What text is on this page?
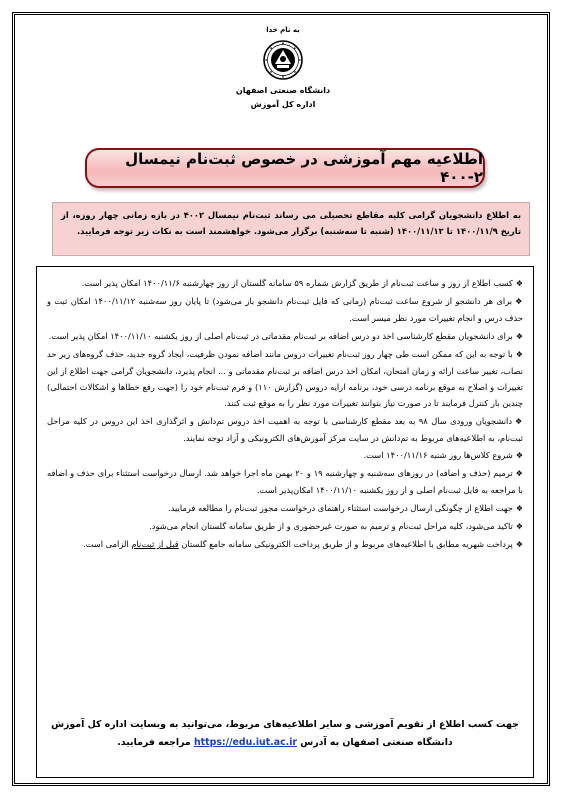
به نام خدا
دانشگاه صنعتی اصفهان
اداره کل آموزش
اطلاعیه مهم آموزشی در خصوص ثبت‌نام نیمسال ۲-۴۰۰
به اطلاع دانشجویان گرامی کلیه مقاطع تحصیلی می رساند ثبت‌نام نیمسال ۴۰۰۲ در بازه زمانی چهار روزه، از تاریخ ۱۴۰۰/۱۱/۹ تا ۱۴۰۰/۱۱/۱۲ (شنبه تا سه‌شنبه) برگزار می‌شود. خواهشمند است به نکات زیر توجه فرمایید.

❖کسب اطلاع از روز و ساعت ثبت‌نام از طریق گزارش شماره ۵۹ سامانه گلستان از روز چهارشنبه ۱۴۰۰/۱۱/۶ امکان پذیر است.

❖برای هر دانشجو از شروع ساعت ثبت‌نام (زمانی که فایل ثبت‌نام دانشجو باز می‌شود) تا پایان روز سه‌شنبه ۱۴۰۰/۱۱/۱۲ امکان ثبت و حذف درس و انجام تغییرات مورد نظر میسر است.

❖برای دانشجویان مقطع کارشناسی اخذ دو درس اضافه بر ثبت‌نام مقدماتی در ثبت‌نام اصلی از روز یکشنبه ۱۴۰۰/۱۱/۱۰ امکان پذیر است.

❖با توجه به این که ممکن است طی چهار روز ثبت‌نام تغییرات دروس مانند اضافه نمودن ظرفیت، ایجاد گروه جدید، حذف گروه‌های زیر حد نصاب، تغییر ساعت ارائه و زمان امتحان، امکان اخذ درس اضافه بر ثبت‌نام مقدماتی و ... انجام پذیرد، دانشجویان گرامی جهت اطلاع از این تغییرات و اصلاح به موقع برنامه درسی خود، برنامه ارایه دروس (گزارش ۱۱۰) و فرم ثبت‌نام خود را (جهت رفع خطاها و اشکالات احتمالی) چندین بار کنترل فرمایند تا در صورت نیاز بتوانند تغییرات مورد نظر را به موقع ثبت کنند.

❖دانشجویان ورودی سال ۹۸ به بعد مقطع کارشناسی با توجه به اهمیت اخذ دروس تم‌دانش و اثرگذاری اخذ این دروس در کلیه مراحل ثبت‌نام، به اطلاعیه‌های مربوط به تم‌دانش در سایت مرکز آموزش‌های الکترونیکی و آزاد توجه نمایند.

❖شروع کلاس‌ها روز شنبه ۱۴۰۰/۱۱/۱۶ است.

❖ترمیم (حذف و اضافه) در روزهای سه‌شنبه و چهارشنبه ۱۹ و ۲۰ بهمن ماه اجرا خواهد شد. ارسال درخواست استثناء برای حذف و اضافه با مراجعه به فایل ثبت‌نام اصلی و از روز یکشنبه ۱۴۰۰/۱۱/۱۰ امکان‌پذیر است.

❖جهت اطلاع از چگونگی ارسال درخواست استثناء راهنمای درخواست مجوز ثبت‌نام را مطالعه فرمایید.

❖تاکید می‌شود، کلیه مراحل ثبت‌نام و ترمیم به صورت غیرحضوری و از طریق سامانه گلستان انجام می‌شود.

❖پرداخت شهریه مطابق با اطلاعیه‌های مربوط و از طریق پرداخت الکترونیکی سامانه جامع گلستان قبل از ثبت‌نام الزامی است.

جهت کسب اطلاع از تقویم آموزشی و سایر اطلاعیه‌های مربوط، می‌توانید به وبسایت اداره کل آموزش
دانشگاه صنعتی اصفهان به آدرس https://edu.iut.ac.ir مراجعه فرمایید.
